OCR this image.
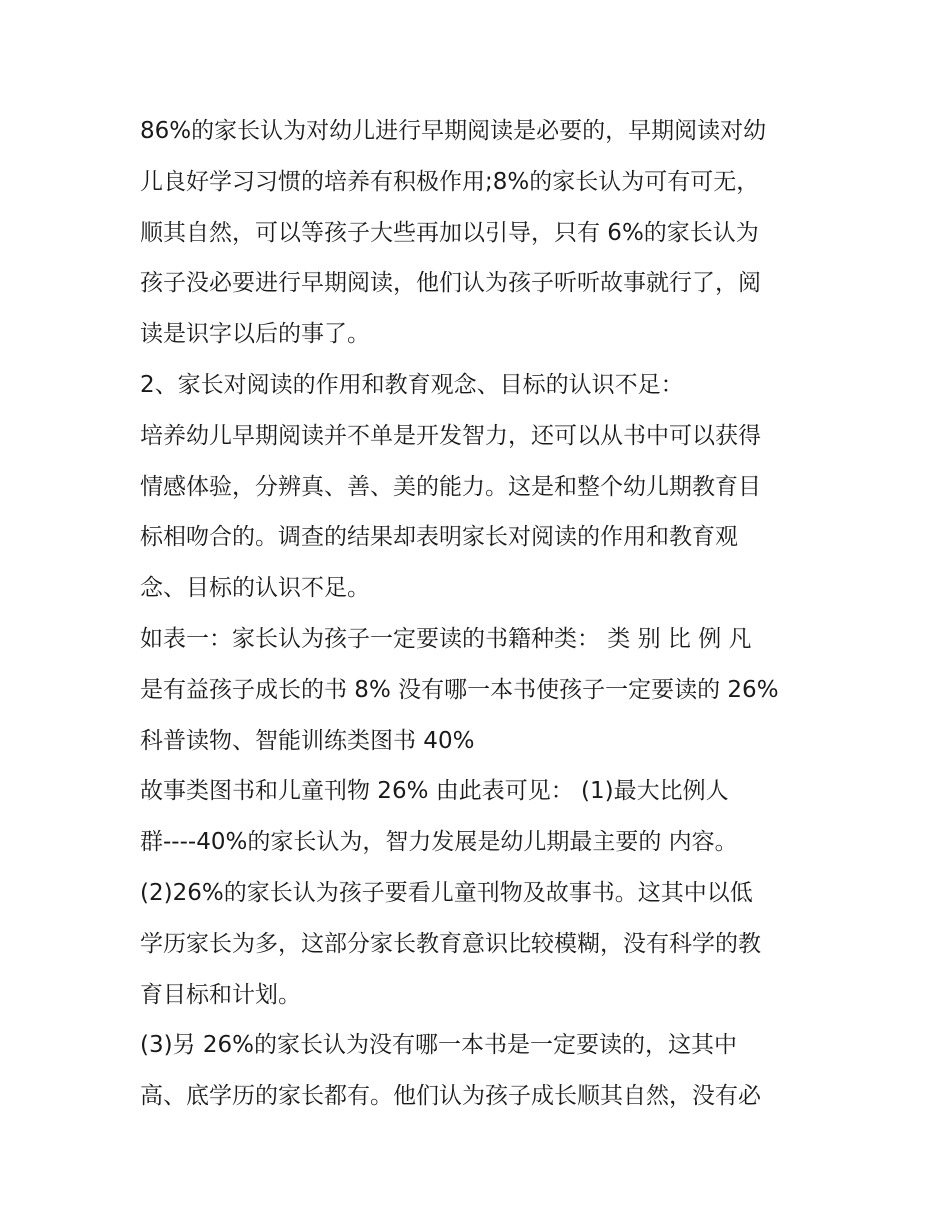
86%的家长认为对幼儿进行早期阅读是必要的，早期阅读对幼
儿良好学习习惯的培养有积极作用;8%的家长认为可有可无，
顺其自然，可以等孩子大些再加以引导，只有 6%的家长认为
孩子没必要进行早期阅读，他们认为孩子听听故事就行了，阅
读是识字以后的事了。
2、家长对阅读的作用和教育观念、目标的认识不足：
培养幼儿早期阅读并不单是开发智力，还可以从书中可以获得
情感体验，分辨真、善、美的能力。这是和整个幼儿期教育目
标相吻合的。调查的结果却表明家长对阅读的作用和教育观
念、目标的认识不足。
如表一：家长认为孩子一定要读的书籍种类： 类 别 比 例 凡
是有益孩子成长的书 8% 没有哪一本书使孩子一定要读的 26%
科普读物、智能训练类图书 40%
故事类图书和儿童刊物 26% 由此表可见： (1)最大比例人
群----40%的家长认为，智力发展是幼儿期最主要的 内容。
(2)26%的家长认为孩子要看儿童刊物及故事书。这其中以低
学历家长为多，这部分家长教育意识比较模糊，没有科学的教
育目标和计划。
(3)另 26%的家长认为没有哪一本书是一定要读的，这其中
高、底学历的家长都有。他们认为孩子成长顺其自然，没有必
